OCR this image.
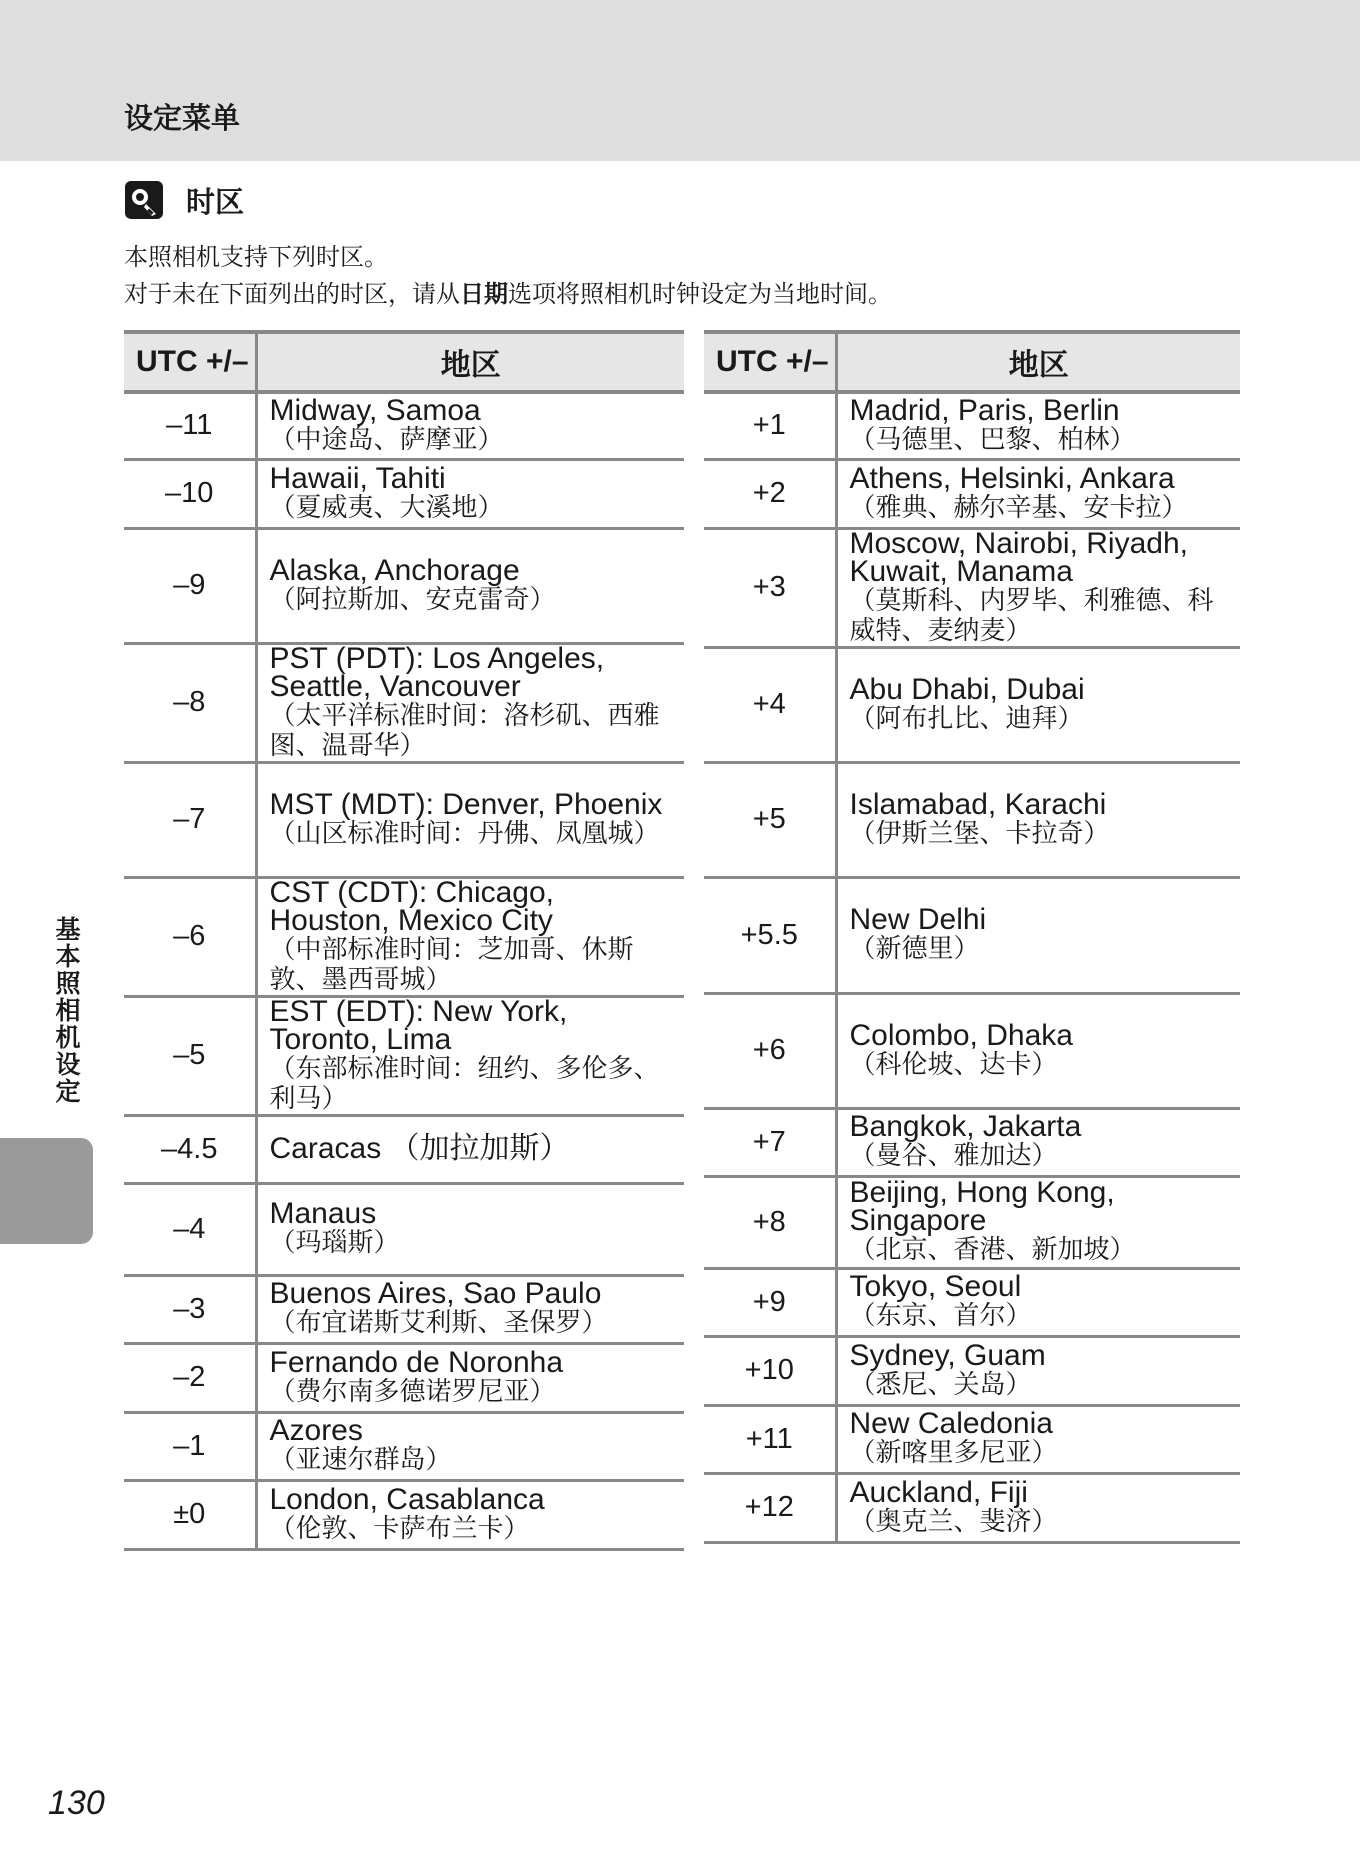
设定菜单
时区
本照相机支持下列时区。
对于未在下面列出的时区，请从日期选项将照相机时钟设定为当地时间。
UTC +/–	地区
–11	Midway, Samoa
（中途岛、萨摩亚）

–10	Hawaii, Tahiti
（夏威夷、大溪地）

–9	Alaska, Anchorage
（阿拉斯加、安克雷奇）

–8	PST (PDT): Los Angeles, Seattle, Vancouver
（太平洋标准时间：洛杉矶、西雅图、温哥华）

–7	MST (MDT): Denver, Phoenix
（山区标准时间：丹佛、凤凰城）

–6	CST (CDT): Chicago, Houston, Mexico City
（中部标准时间：芝加哥、休斯敦、墨西哥城）

–5	EST (EDT): New York, Toronto, Lima
（东部标准时间：纽约、多伦多、利马）

–4.5	Caracas （加拉加斯）

–4	Manaus
（玛瑙斯）

–3	Buenos Aires, Sao Paulo
（布宜诺斯艾利斯、圣保罗）

–2	Fernando de Noronha
（费尔南多德诺罗尼亚）

–1	Azores
（亚速尔群岛）

±0	London, Casablanca
（伦敦、卡萨布兰卡）
UTC +/–	地区
+1	Madrid, Paris, Berlin
（马德里、巴黎、柏林）

+2	Athens, Helsinki, Ankara
（雅典、赫尔辛基、安卡拉）

+3	Moscow, Nairobi, Riyadh, Kuwait, Manama
（莫斯科、内罗毕、利雅德、科威特、麦纳麦）

+4	Abu Dhabi, Dubai
（阿布扎比、迪拜）

+5	Islamabad, Karachi
（伊斯兰堡、卡拉奇）

+5.5	New Delhi
（新德里）

+6	Colombo, Dhaka
（科伦坡、达卡）

+7	Bangkok, Jakarta
（曼谷、雅加达）

+8	Beijing, Hong Kong, Singapore
（北京、香港、新加坡）

+9	Tokyo, Seoul
（东京、首尔）

+10	Sydney, Guam
（悉尼、关岛）

+11	New Caledonia
（新喀里多尼亚）

+12	Auckland, Fiji
（奥克兰、斐济）
基本照相机设定
130
